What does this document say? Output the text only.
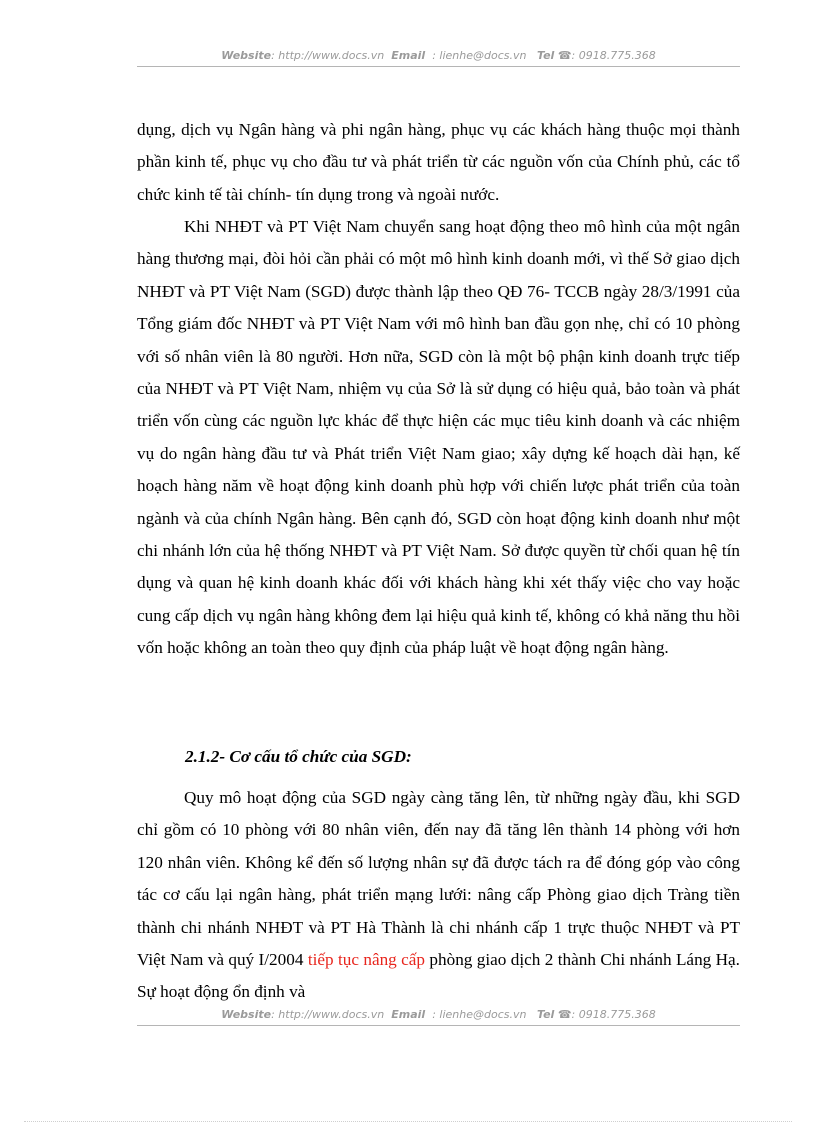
Website: http://www.docs.vn Email : lienhe@docs.vn Tel ☎: 0918.775.368

dụng, dịch vụ Ngân hàng và phi ngân hàng, phục vụ các khách hàng thuộc mọi thành phần kinh tế, phục vụ cho đầu tư và phát triển từ các nguồn vốn của Chính phủ, các tổ chức kinh tế tài chính- tín dụng trong và ngoài nước.

Khi NHĐT và PT Việt Nam chuyển sang hoạt động theo mô hình của một ngân hàng thương mại, đòi hỏi cần phải có một mô hình kinh doanh mới, vì thế Sở giao dịch NHĐT và PT Việt Nam (SGD) được thành lập theo QĐ 76- TCCB ngày 28/3/1991 của Tổng giám đốc NHĐT và PT Việt Nam với mô hình ban đầu gọn nhẹ, chỉ có 10 phòng với số nhân viên là 80 người. Hơn nữa, SGD còn là một bộ phận kinh doanh trực tiếp của NHĐT và PT Việt Nam, nhiệm vụ của Sở là sử dụng có hiệu quả, bảo toàn và phát triển vốn cùng các nguồn lực khác để thực hiện các mục tiêu kinh doanh và các nhiệm vụ do ngân hàng đầu tư và Phát triển Việt Nam giao; xây dựng kế hoạch dài hạn, kế hoạch hàng năm về hoạt động kinh doanh phù hợp với chiến lược phát triển của toàn ngành và của chính Ngân hàng. Bên cạnh đó, SGD còn hoạt động kinh doanh như một chi nhánh lớn của hệ thống NHĐT và PT Việt Nam. Sở được quyền từ chối quan hệ tín dụng và quan hệ kinh doanh khác đối với khách hàng khi xét thấy việc cho vay hoặc cung cấp dịch vụ ngân hàng không đem lại hiệu quả kinh tế, không có khả năng thu hồi vốn hoặc không an toàn theo quy định của pháp luật về hoạt động ngân hàng.

2.1.2- Cơ cấu tổ chức của SGD:

Quy mô hoạt động của SGD ngày càng tăng lên, từ những ngày đầu, khi SGD chỉ gồm có 10 phòng với 80 nhân viên, đến nay đã tăng lên thành 14 phòng với hơn 120 nhân viên. Không kể đến số lượng nhân sự đã được tách ra để đóng góp vào công tác cơ cấu lại ngân hàng, phát triển mạng lưới: nâng cấp Phòng giao dịch Tràng tiền thành chi nhánh NHĐT và PT Hà Thành là chi nhánh cấp 1 trực thuộc NHĐT và PT Việt Nam và quý I/2004 tiếp tục nâng cấp phòng giao dịch 2 thành Chi nhánh Láng Hạ. Sự hoạt động ổn định và

Website: http://www.docs.vn Email : lienhe@docs.vn Tel ☎: 0918.775.368
